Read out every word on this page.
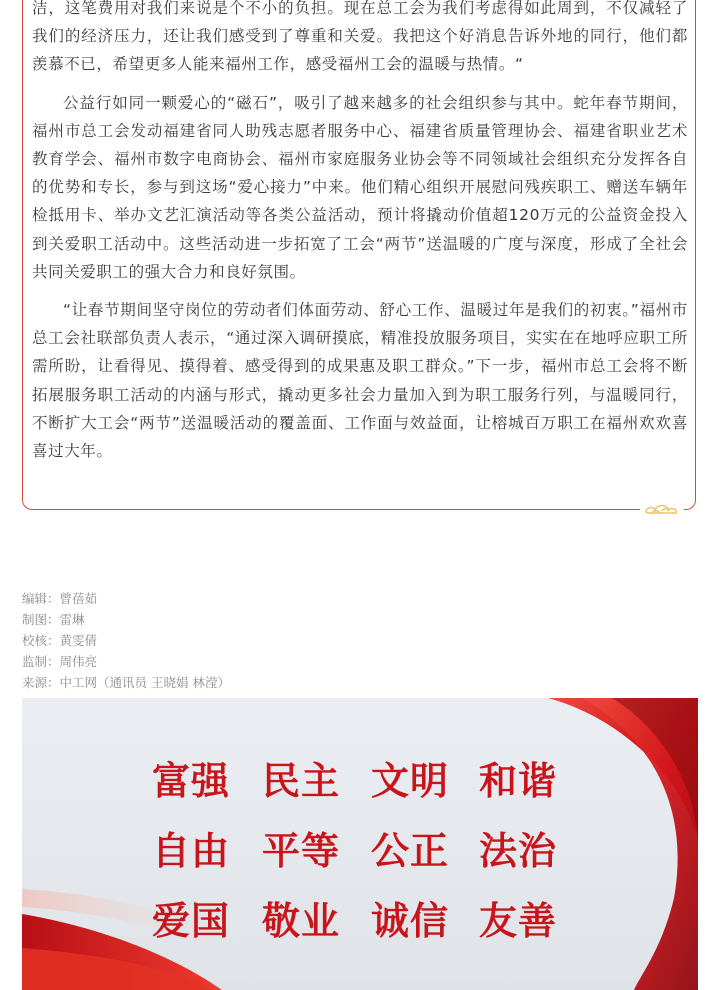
洁，这笔费用对我们来说是个不小的负担。现在总工会为我们考虑得如此周到，不仅减轻了我们的经济压力，还让我们感受到了尊重和关爱。我把这个好消息告诉外地的同行，他们都羡慕不已，希望更多人能来福州工作，感受福州工会的温暖与热情。“

公益行如同一颗爱心的“磁石”，吸引了越来越多的社会组织参与其中。蛇年春节期间，福州市总工会发动福建省同人助残志愿者服务中心、福建省质量管理协会、福建省职业艺术教育学会、福州市数字电商协会、福州市家庭服务业协会等不同领域社会组织充分发挥各自的优势和专长，参与到这场“爱心接力”中来。他们精心组织开展慰问残疾职工、赠送车辆年检抵用卡、举办文艺汇演活动等各类公益活动，预计将撬动价值超120万元的公益资金投入到关爱职工活动中。这些活动进一步拓宽了工会“两节”送温暖的广度与深度，形成了全社会共同关爱职工的强大合力和良好氛围。

“让春节期间坚守岗位的劳动者们体面劳动、舒心工作、温暖过年是我们的初衷。”福州市总工会社联部负责人表示，“通过深入调研摸底，精准投放服务项目，实实在在地呼应职工所需所盼，让看得见、摸得着、感受得到的成果惠及职工群众。”下一步，福州市总工会将不断拓展服务职工活动的内涵与形式，撬动更多社会力量加入到为职工服务行列，与温暖同行，不断扩大工会“两节”送温暖活动的覆盖面、工作面与效益面，让榕城百万职工在福州欢欢喜喜过大年。

编辑：曾蓓茹
制图：雷琳
校核：黄雯倩
监制：周伟亮
来源：中工网（通讯员 王晓娟 林滢）
富强 民主 文明 和谐
自由 平等 公正 法治
爱国 敬业 诚信 友善
